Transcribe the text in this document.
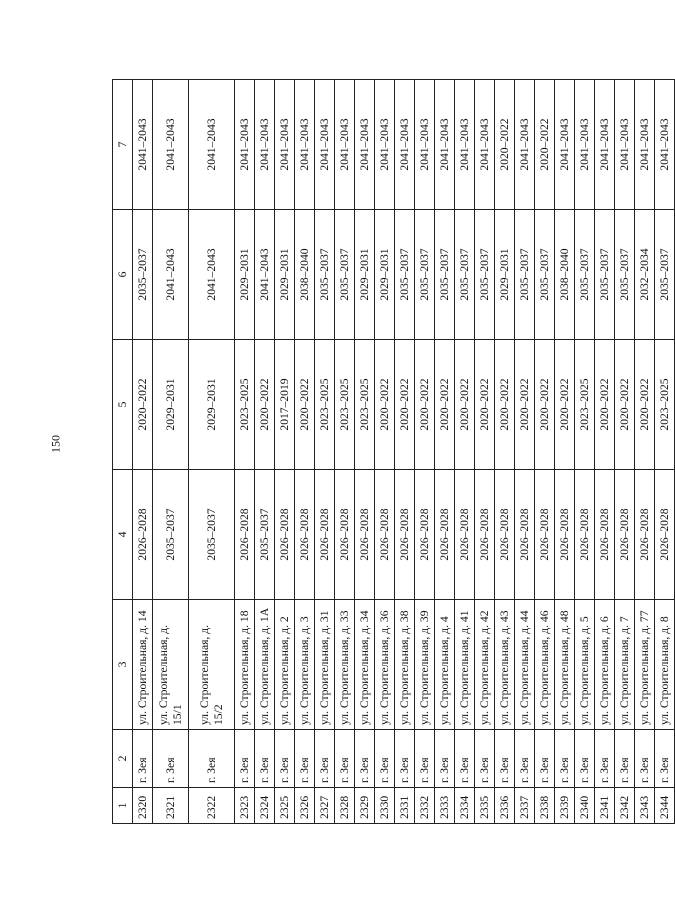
150
1	2	3	4	5	6	7
2320	г. Зея	ул. Строительная, д. 14	2026–2028	2020–2022	2035–2037	2041–2043
2321	г. Зея	ул. Строительная, д. 15/1	2035–2037	2029–2031	2041–2043	2041–2043
2322	г. Зея	ул. Строительная, д. 15/2	2035–2037	2029–2031	2041–2043	2041–2043
2323	г. Зея	ул. Строительная, д. 18	2026–2028	2023–2025	2029–2031	2041–2043
2324	г. Зея	ул. Строительная, д. 1А	2035–2037	2020–2022	2041–2043	2041–2043
2325	г. Зея	ул. Строительная, д. 2	2026–2028	2017–2019	2029–2031	2041–2043
2326	г. Зея	ул. Строительная, д. 3	2026–2028	2020–2022	2038–2040	2041–2043
2327	г. Зея	ул. Строительная, д. 31	2026–2028	2023–2025	2035–2037	2041–2043
2328	г. Зея	ул. Строительная, д. 33	2026–2028	2023–2025	2035–2037	2041–2043
2329	г. Зея	ул. Строительная, д. 34	2026–2028	2023–2025	2029–2031	2041–2043
2330	г. Зея	ул. Строительная, д. 36	2026–2028	2020–2022	2029–2031	2041–2043
2331	г. Зея	ул. Строительная, д. 38	2026–2028	2020–2022	2035–2037	2041–2043
2332	г. Зея	ул. Строительная, д. 39	2026–2028	2020–2022	2035–2037	2041–2043
2333	г. Зея	ул. Строительная, д. 4	2026–2028	2020–2022	2035–2037	2041–2043
2334	г. Зея	ул. Строительная, д. 41	2026–2028	2020–2022	2035–2037	2041–2043
2335	г. Зея	ул. Строительная, д. 42	2026–2028	2020–2022	2035–2037	2041–2043
2336	г. Зея	ул. Строительная, д. 43	2026–2028	2020–2022	2029–2031	2020–2022
2337	г. Зея	ул. Строительная, д. 44	2026–2028	2020–2022	2035–2037	2041–2043
2338	г. Зея	ул. Строительная, д. 46	2026–2028	2020–2022	2035–2037	2020–2022
2339	г. Зея	ул. Строительная, д. 48	2026–2028	2020–2022	2038–2040	2041–2043
2340	г. Зея	ул. Строительная, д. 5	2026–2028	2023–2025	2035–2037	2041–2043
2341	г. Зея	ул. Строительная, д. 6	2026–2028	2020–2022	2035–2037	2041–2043
2342	г. Зея	ул. Строительная, д. 7	2026–2028	2020–2022	2035–2037	2041–2043
2343	г. Зея	ул. Строительная, д. 77	2026–2028	2020–2022	2032–2034	2041–2043
2344	г. Зея	ул. Строительная, д. 8	2026–2028	2023–2025	2035–2037	2041–2043
